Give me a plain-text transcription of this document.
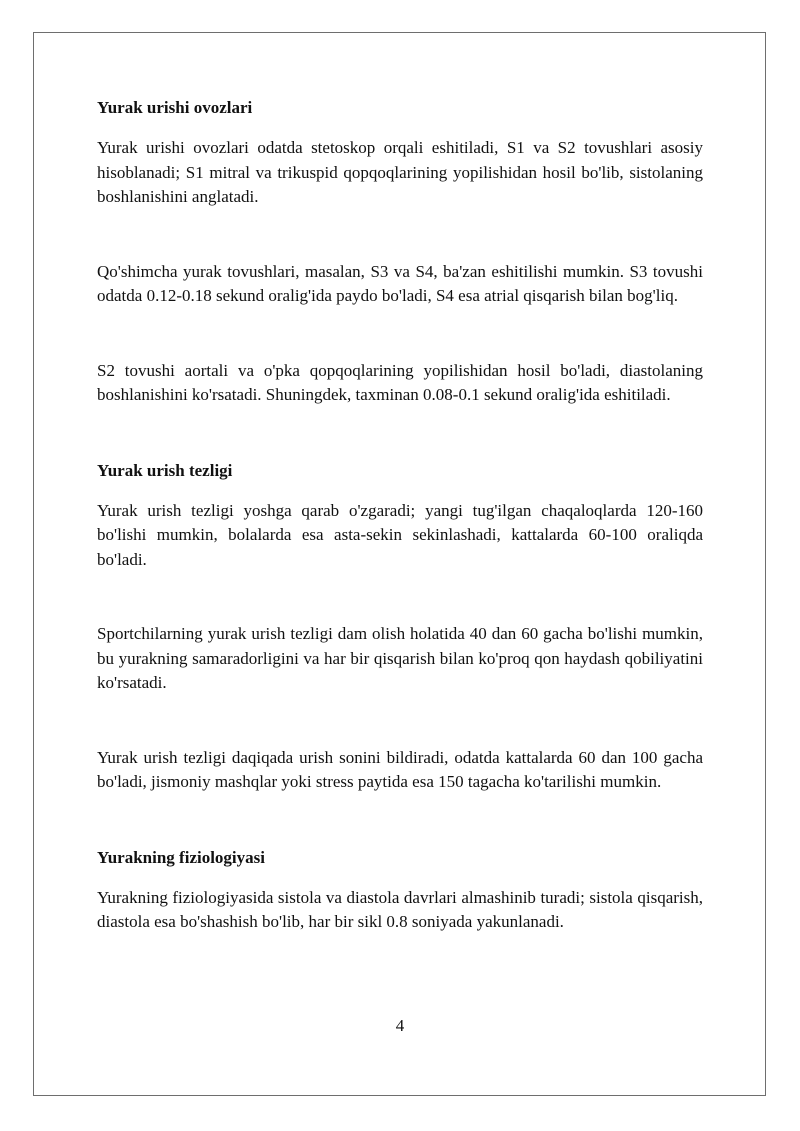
Yurak urishi ovozlari

Yurak urishi ovozlari odatda stetoskop orqali eshitiladi, S1 va S2 tovushlari asosiy hisoblanadi; S1 mitral va trikuspid qopqoqlarining yopilishidan hosil bo'lib, sistolaning boshlanishini anglatadi.

Qo'shimcha yurak tovushlari, masalan, S3 va S4, ba'zan eshitilishi mumkin. S3 tovushi odatda 0.12-0.18 sekund oralig'ida paydo bo'ladi, S4 esa atrial qisqarish bilan bog'liq.

S2 tovushi aortali va o'pka qopqoqlarining yopilishidan hosil bo'ladi, diastolaning boshlanishini ko'rsatadi. Shuningdek, taxminan 0.08-0.1 sekund oralig'ida eshitiladi.

Yurak urish tezligi

Yurak urish tezligi yoshga qarab o'zgaradi; yangi tug'ilgan chaqaloqlarda 120-160 bo'lishi mumkin, bolalarda esa asta-sekin sekinlashadi, kattalarda 60-100 oraliqda bo'ladi.

Sportchilarning yurak urish tezligi dam olish holatida 40 dan 60 gacha bo'lishi mumkin, bu yurakning samaradorligini va har bir qisqarish bilan ko'proq qon haydash qobiliyatini ko'rsatadi.

Yurak urish tezligi daqiqada urish sonini bildiradi, odatda kattalarda 60 dan 100 gacha bo'ladi, jismoniy mashqlar yoki stress paytida esa 150 tagacha ko'tarilishi mumkin.

Yurakning fiziologiyasi

Yurakning fiziologiyasida sistola va diastola davrlari almashinib turadi; sistola qisqarish, diastola esa bo'shashish bo'lib, har bir sikl 0.8 soniyada yakunlanadi.

4
